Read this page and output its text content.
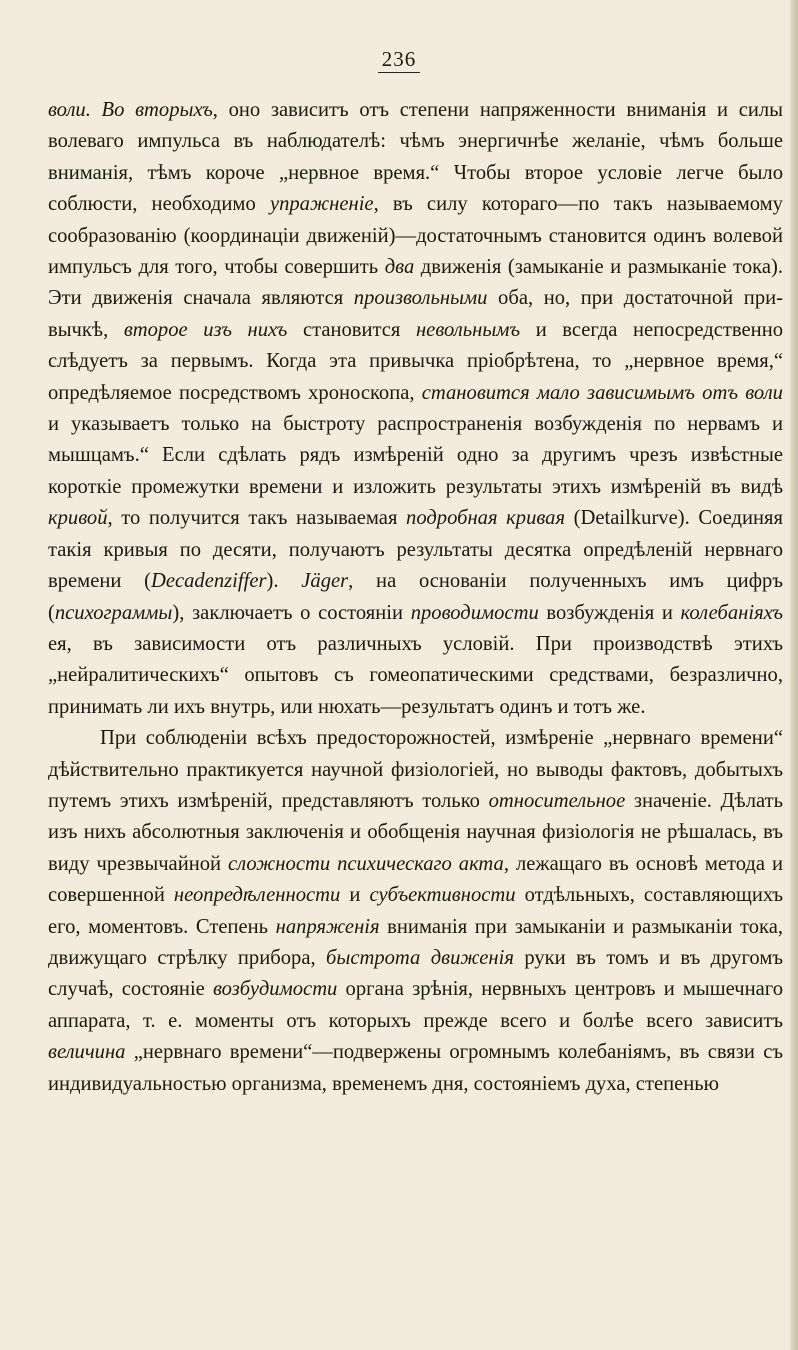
236

воли. Во вторыхъ, оно зависитъ отъ степени напряженности вниманія и силы волеваго импульса въ наблюдателѣ: чѣмъ энергичнѣе желаніе, чѣмъ больше вниманія, тѣмъ короче „нервное время.“ Чтобы второе условіе легче было соблюсти, необходимо упражненіе, въ силу котораго—по такъ называемому сообразованію (координаціи движеній)—достаточнымъ становится одинъ волевой импульсъ для того, чтобы совершить два движенія (замыканіе и размыканіе тока). Эти движенія сначала являются произвольными оба, но, при достаточной привычкѣ, второе изъ нихъ становится невольнымъ и всегда непосредственно слѣдуетъ за первымъ. Когда эта привычка пріобрѣтена, то „нервное время,“ опредѣляемое посредствомъ хроноскопа, становится мало зависимымъ отъ воли и указываетъ только на быстроту распространенія возбужденія по нервамъ и мышцамъ.“ Если сдѣлать рядъ измѣреній одно за другимъ чрезъ извѣстные короткіе промежутки времени и изложить результаты этихъ измѣреній въ видѣ кривой, то получится такъ называемая подробная кривая (Detailkurve). Соединяя такія кривыя по десяти, получаютъ результаты десятка опредѣленій нервнаго времени (Decadenziffer). Jäger, на основаніи полученныхъ имъ цифръ (психограммы), заключаетъ о состояніи проводимости возбужденія и колебаніяхъ ея, въ зависимости отъ различныхъ условій. При производствѣ этихъ „нейралитическихъ“ опытовъ съ гомеопатическими средствами, безразлично, принимать ли ихъ внутрь, или нюхать—результатъ одинъ и тотъ же.

При соблюденіи всѣхъ предосторожностей, измѣреніе „нервнаго времени“ дѣйствительно практикуется научной физіологіей, но выводы фактовъ, добытыхъ путемъ этихъ измѣреній, представляютъ только относительное значеніе. Дѣлать изъ нихъ абсолютныя заключенія и обобщенія научная физіологія не рѣшалась, въ виду чрезвычайной сложности психическаго акта, лежащаго въ основѣ метода и совершенной неопредѣленности и субъективности отдѣльныхъ, составляющихъ его, моментовъ. Степень напряженія вниманія при замыканіи и размыканіи тока, движущаго стрѣлку прибора, быстрота движенія руки въ томъ и въ другомъ случаѣ, состояніе возбудимости органа зрѣнія, нервныхъ центровъ и мышечнаго аппарата, т. е. моменты отъ которыхъ прежде всего и болѣе всего зависитъ величина „нервнаго времени“—подвержены огромнымъ колебаніямъ, въ связи съ индивидуальностью организма, временемъ дня, состояніемъ духа, степенью
